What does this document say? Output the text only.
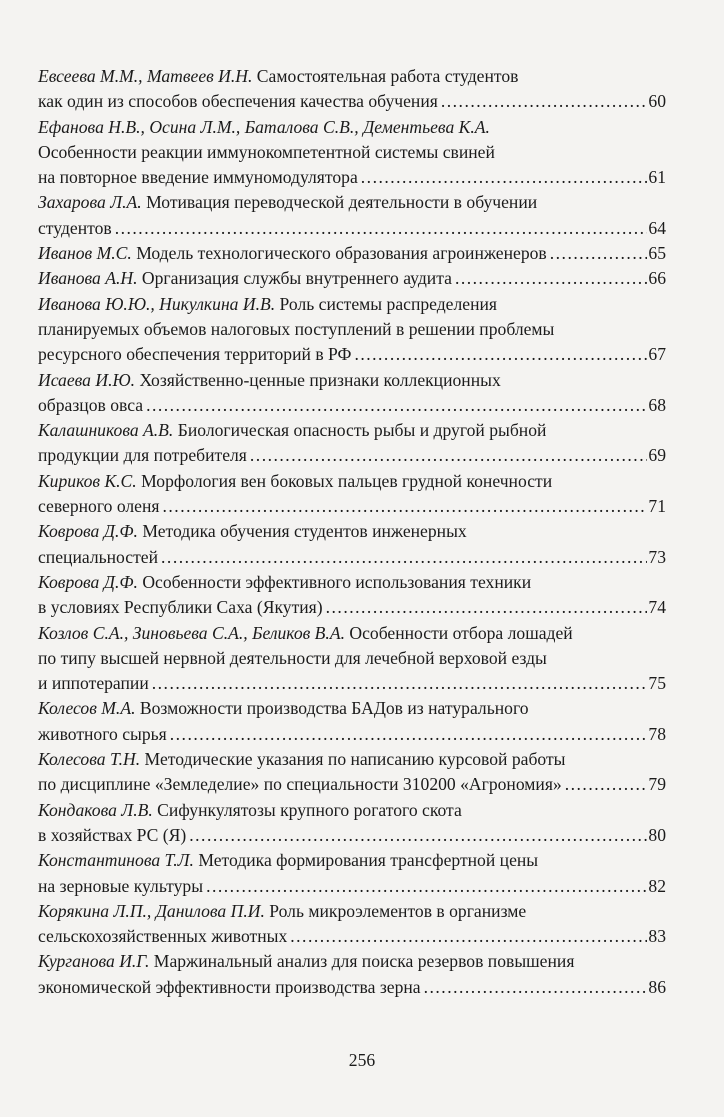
Евсеева М.М., Матвеев И.Н. Самостоятельная работа студентов
как один из способов обеспечения качества обучения .....	60
Ефанова Н.В., Осина Л.М., Баталова С.В., Дементьева К.А.
Особенности реакции иммунокомпетентной системы свиней
на повторное введение иммуномодулятора .....	61
Захарова Л.А. Мотивация переводческой деятельности в обучении
студентов .....	64
Иванов М.С. Модель технологического образования агроинженеров .....	65
Иванова А.Н. Организация службы внутреннего аудита .....	66
Иванова Ю.Ю., Никулкина И.В. Роль системы распределения
планируемых объемов налоговых поступлений в решении проблемы
ресурсного обеспечения территорий в РФ .....	67
Исаева И.Ю. Хозяйственно-ценные признаки коллекционных
образцов овса .....	68
Калашникова А.В. Биологическая опасность рыбы и другой рыбной
продукции для потребителя .....	69
Кириков К.С. Морфология вен боковых пальцев грудной конечности
северного оленя .....	71
Коврова Д.Ф. Методика обучения студентов инженерных
специальностей .....	73
Коврова Д.Ф. Особенности эффективного использования техники
в условиях Республики Саха (Якутия) .....	74
Козлов С.А., Зиновьева С.А., Беликов В.А. Особенности отбора лошадей
по типу высшей нервной деятельности для лечебной верховой езды
и иппотерапии .....	75
Колесов М.А. Возможности производства БАДов из натурального
животного сырья .....	78
Колесова Т.Н. Методические указания по написанию курсовой работы
по дисциплине «Земледелие» по специальности 310200 «Агрономия» .....	79
Кондакова Л.В. Сифункулятозы крупного рогатого скота
в хозяйствах РС (Я) .....	80
Константинова Т.Л. Методика формирования трансфертной цены
на зерновые культуры .....	82
Корякина Л.П., Данилова П.И. Роль микроэлементов в организме
сельскохозяйственных животных .....	83
Курганова И.Г. Маржинальный анализ для поиска резервов повышения
экономической эффективности производства зерна .....	86
256
